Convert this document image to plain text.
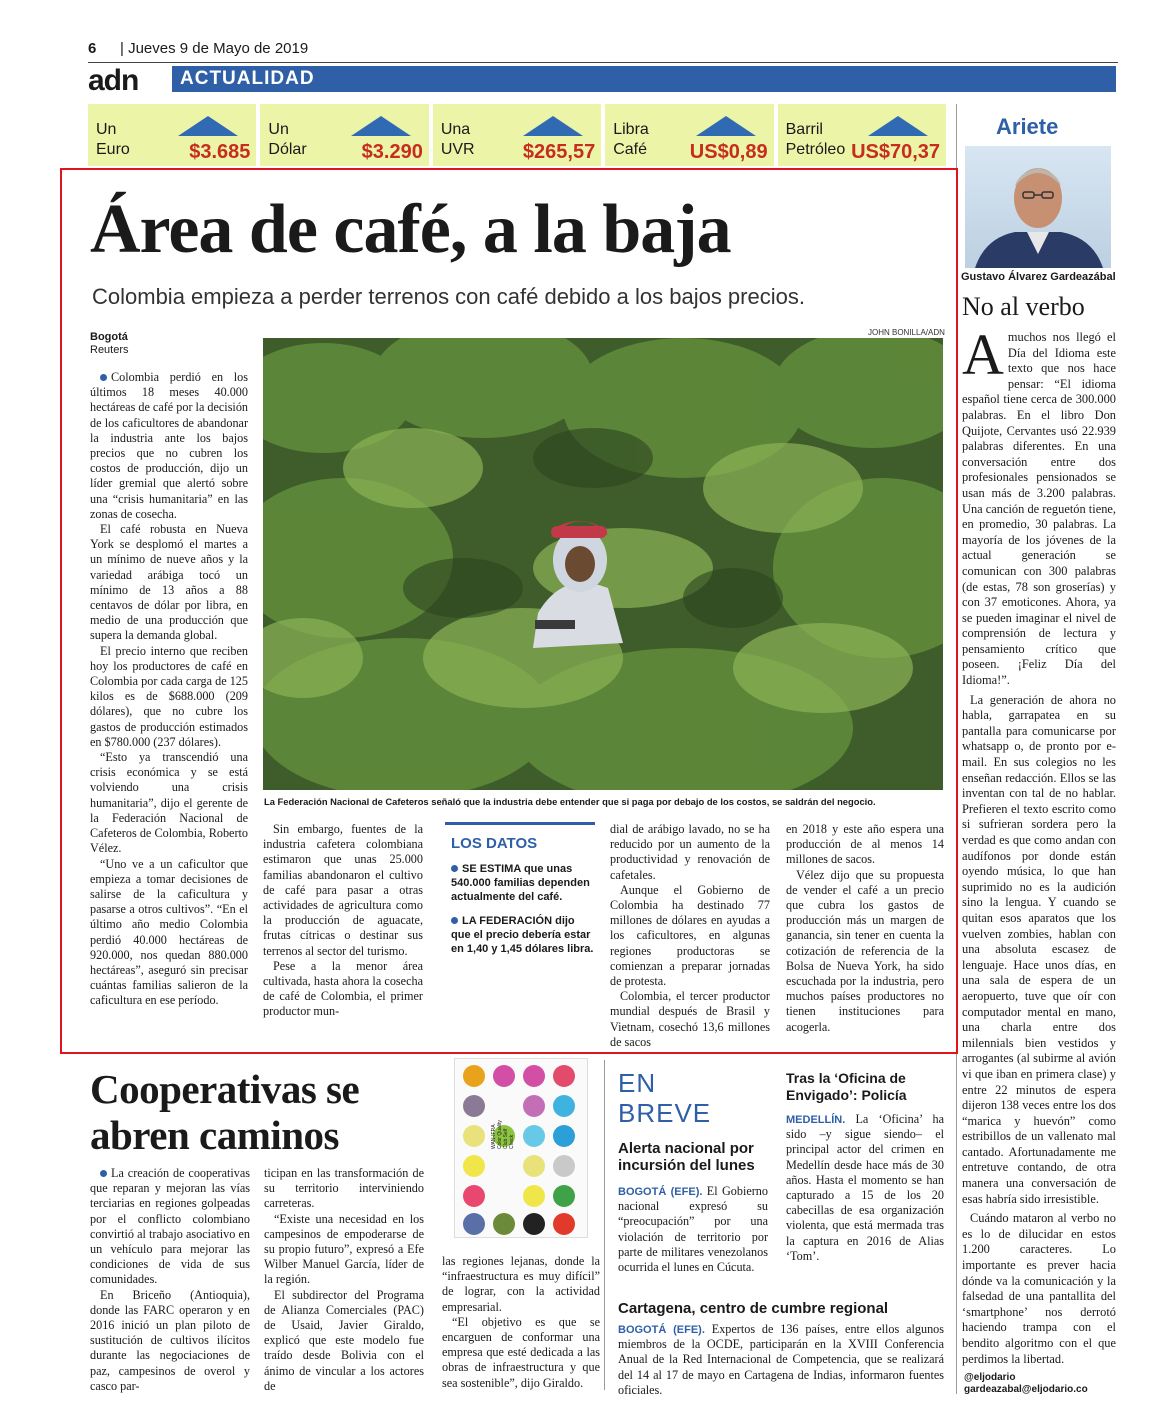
6 | Jueves 9 de Mayo de 2019
adn	ACTUALIDAD
Un
Euro	$3.685
Un
Dólar	$3.290
Una
UVR $265,57
Libra
Café US$0,89
Barril
Petróleo US$70,37
Ariete
Gustavo Álvarez Gardeazábal
No al verbo

Amuchos nos llegó el Día del Idioma este texto que nos hace pensar: “El idioma español tiene cerca de 300.000 palabras. En el libro Don Quijote, Cervantes usó 22.939 palabras diferentes. En una conversación entre dos profesionales pensionados se usan más de 3.200 palabras. Una canción de reguetón tiene, en promedio, 30 palabras. La mayoría de los jóvenes de la actual generación se comunican con 300 palabras (de estas, 78 son groserías) y con 37 emoticones. Ahora, ya se pueden imaginar el nivel de comprensión de lectura y pensamiento crítico que poseen. ¡Feliz Día del Idioma!”.

La generación de ahora no habla, garrapatea en su pantalla para comunicarse por whatsapp o, de pronto por e-mail. En sus colegios no les enseñan redacción. Ellos se las inventan con tal de no hablar. Prefieren el texto escrito como si sufrieran sordera pero la verdad es que como andan con audífonos por donde están oyendo música, lo que han suprimido no es la audición sino la lengua. Y cuando se quitan esos aparatos que los vuelven zombies, hablan con una absoluta escasez de lenguaje. Hace unos días, en una sala de espera de un aeropuerto, tuve que oír con computador mental en mano, una charla entre dos milennials bien vestidos y arrogantes (al subirme al avión vi que iban en primera clase) y entre 22 minutos de espera dijeron 138 veces entre los dos “marica y huevón” como estribillos de un vallenato mal cantado. Afortunadamente me entretuve contando, de otra manera una conversación de esas habría sido irresistible.

Cuándo mataron al verbo no es lo de dilucidar en estos 1.200 caracteres. Lo importante es prever hacia dónde va la comunicación y la falsedad de una pantallita del ‘smartphone’ nos derrotó haciendo trampa con el bendito algoritmo con el que perdimos la libertad.

@eljodario
gardeazabal@eljodario.co
Área de café, a la baja
Colombia empieza a perder terrenos con café debido a los bajos precios.
Bogotá
Reuters
JOHN BONILLA/ADN
La Federación Nacional de Cafeteros señaló que la industria debe entender que si paga por debajo de los costos, se saldrán del negocio.

Colombia perdió en los últimos 18 meses 40.000 hectáreas de café por la decisión de los caficultores de abandonar la industria ante los bajos precios que no cubren los costos de producción, dijo un líder gremial que alertó sobre una “crisis humanitaria” en las zonas de cosecha.

El café robusta en Nueva York se desplomó el martes a un mínimo de nueve años y la variedad arábiga tocó un mínimo de 13 años a 88 centavos de dólar por libra, en medio de una producción que supera la demanda global.

El precio interno que reciben hoy los productores de café en Colombia por cada carga de 125 kilos es de $688.000 (209 dólares), que no cubre los gastos de producción estimados en $780.000 (237 dólares).

“Esto ya transcendió una crisis económica y se está volviendo una crisis humanitaria”, dijo el gerente de la Federación Nacional de Cafeteros de Colombia, Roberto Vélez.

“Uno ve a un caficultor que empieza a tomar decisiones de salirse de la caficultura y pasarse a otros cultivos”. “En el último año medio Colombia perdió 40.000 hectáreas de 920.000, nos quedan 880.000 hectáreas”, aseguró sin precisar cuántas familias salieron de la caficultura en ese período.

Sin embargo, fuentes de la industria cafetera colombiana estimaron que unas 25.000 familias abandonaron el cultivo de café para pasar a otras actividades de agricultura como la producción de aguacate, frutas cítricas o destinar sus terrenos al sector del turismo.

Pese a la menor área cultivada, hasta ahora la cosecha de café de Colombia, el primer productor mun-

LOS DATOS

SE ESTIMA que unas 540.000 familias dependen actualmente del café.

LA FEDERACIÓN dijo que el precio debería estar en 1,40 y 1,45 dólares libra.

dial de arábigo lavado, no se ha reducido por un aumento de la productividad y renovación de cafetales.

Aunque el Gobierno de Colombia ha destinado 77 millones de dólares en ayudas a los caficultores, en algunas regiones productoras se comienzan a preparar jornadas de protesta.

Colombia, el tercer productor mundial después de Brasil y Vietnam, cosechó 13,6 millones de sacos

en 2018 y este año espera una producción de al menos 14 millones de sacos.

Vélez dijo que su propuesta de vender el café a un precio que cubra los gastos de producción más un margen de ganancia, sin tener en cuenta la cotización de referencia de la Bolsa de Nueva York, ha sido escuchada por la industria, pero muchos países productores no tienen instituciones para acogerla.

Cooperativas se abren caminos

La creación de cooperativas que reparan y mejoran las vías terciarias en regiones golpeadas por el conflicto colombiano convirtió al trabajo asociativo en un vehículo para mejorar las condiciones de vida de sus comunidades.

En Briceño (Antioquia), donde las FARC operaron y en 2016 inició un plan piloto de sustitución de cultivos ilícitos durante las negociaciones de paz, campesinos de overol y casco par-

ticipan en las transformación de su territorio interviniendo carreteras.

“Existe una necesidad en los campesinos de empoderarse de su propio futuro”, expresó a Efe Wilber Manuel García, líder de la región.

El subdirector del Programa de Alianza Comerciales (PAC) de Usaid, Javier Giraldo, explicó que este modelo fue traído desde Bolivia con el ánimo de vincular a los actores de

WAN-IFRA Color Quality Club Self Check

las regiones lejanas, donde la “infraestructura es muy difícil” de lograr, con la actividad empresarial.

“El objetivo es que se encarguen de conformar una empresa que esté dedicada a las obras de infraestructura y que sea sostenible”, dijo Giraldo.

EN
BREVE
Alerta nacional por incursión del lunes
BOGOTÁ (EFE). El Gobierno nacional expresó su “preocupación” por una violación de territorio por parte de militares venezolanos ocurrida el lunes en Cúcuta.
Tras la ‘Oficina de Envigado’: Policía
MEDELLÍN. La ‘Oficina’ ha sido –y sigue siendo– el principal actor del crimen en Medellín desde hace más de 30 años. Hasta el momento se han capturado a 15 de los 20 cabecillas de esa organización violenta, que está mermada tras la captura en 2016 de Alias ‘Tom’.
Cartagena, centro de cumbre regional
BOGOTÁ (EFE). Expertos de 136 países, entre ellos algunos miembros de la OCDE, participarán en la XVIII Conferencia Anual de la Red Internacional de Competencia, que se realizará del 14 al 17 de mayo en Cartagena de Indias, informaron fuentes oficiales.
